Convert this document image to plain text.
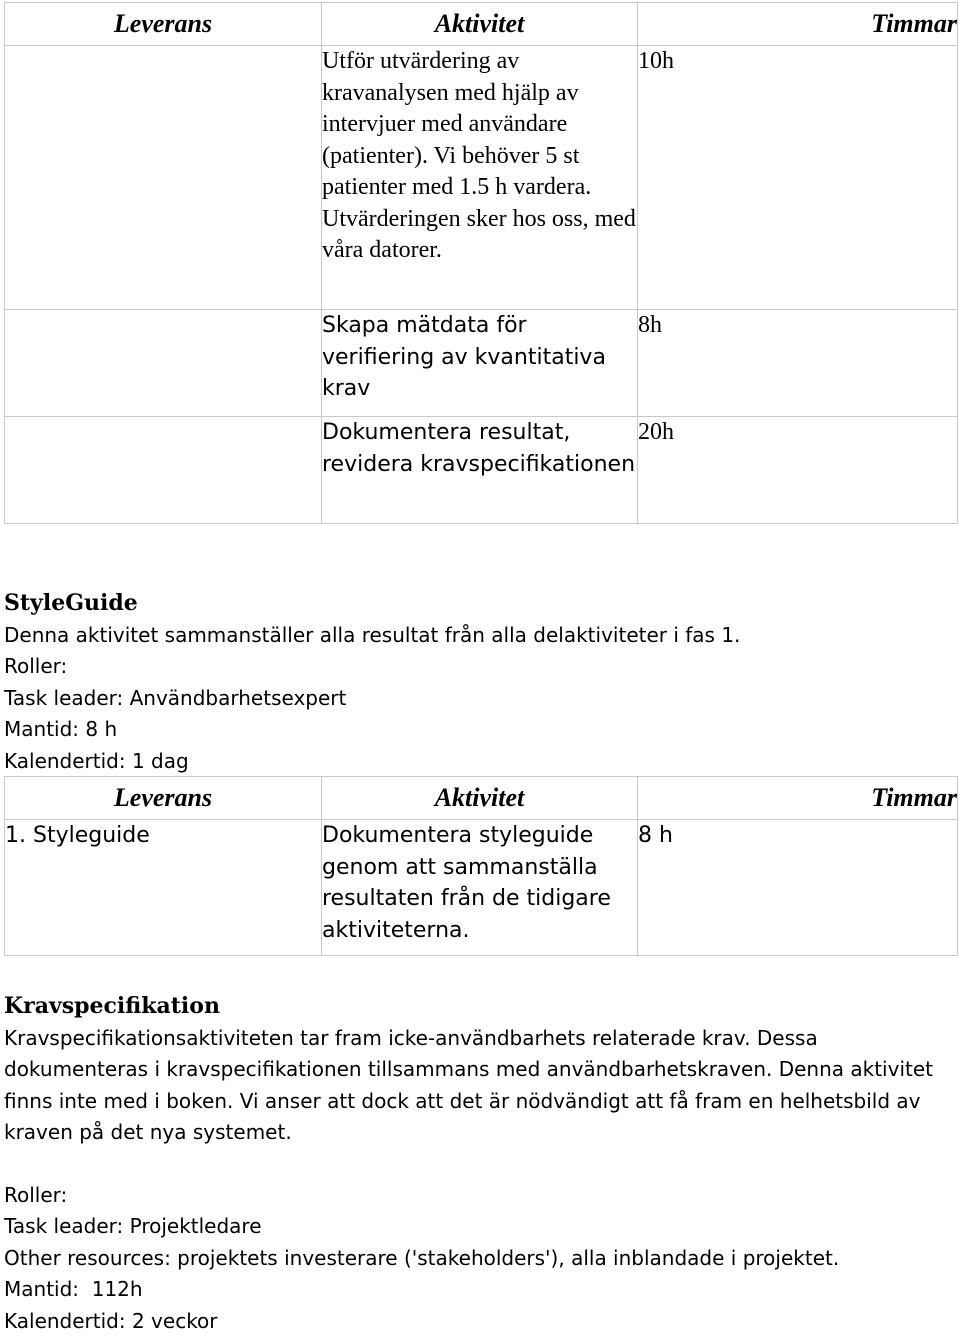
Leverans	Aktivitet	Timmar
	Utför utvärdering av kravanalysen med hjälp av intervjuer med användare (patienter). Vi behöver 5 st patienter med 1.5 h vardera. Utvärderingen sker hos oss, med våra datorer.	10h
	Skapa mätdata för verifiering av kvantitativa krav	8h
	Dokumentera resultat, revidera kravspecifikationen	20h
StyleGuide
Denna aktivitet sammanställer alla resultat från alla delaktiviteter i fas 1.
Roller:
Task leader: Användbarhetsexpert
Mantid: 8 h
Kalendertid: 1 dag
Leverans	Aktivitet	Timmar
1. Styleguide	Dokumentera styleguide genom att sammanställa resultaten från de tidigare aktiviteterna.	8 h
Kravspecifikation
Kravspecifikationsaktiviteten tar fram icke-användbarhets relaterade krav. Dessa dokumenteras i kravspecifikationen tillsammans med användbarhetskraven. Denna aktivitet finns inte med i boken. Vi anser att dock att det är nödvändigt att få fram en helhetsbild av kraven på det nya systemet.
Roller:
Task leader: Projektledare
Other resources: projektets investerare ('stakeholders'), alla inblandade i projektet.
Mantid:  112h
Kalendertid: 2 veckor
